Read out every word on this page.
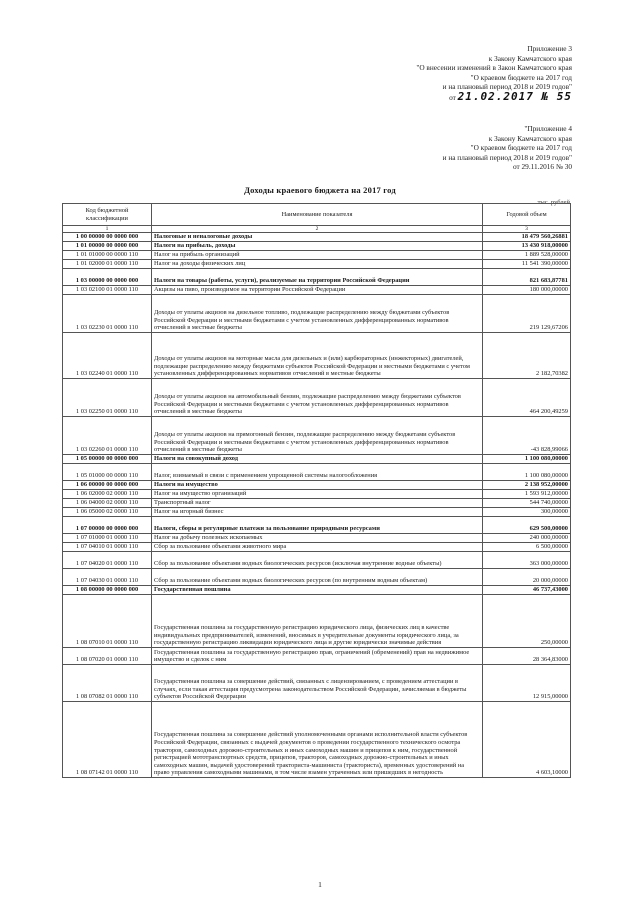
Приложение 3
к Закону Камчатского края
"О внесении изменений в Закон Камчатского края
"О краевом бюджете на 2017 год
и на плановый период 2018 и 2019 годов"
от 21.02.2017 № 55
"Приложение 4
к Закону Камчатского края
"О краевом бюджете на 2017 год
и на плановый период 2018 и 2019 годов"
от 29.11.2016 № 30
Доходы краевого бюджета на 2017 год
тыс. рублей
Код бюджетной классификации	Наименование показателя	Годовой объем
1	2	3
1 00 00000 00 0000 000	Налоговые и неналоговые доходы	18 479 560,26881
1 01 00000 00 0000 000	Налоги на прибыль, доходы	13 430 918,00000
1 01 01000 00 0000 110	Налог на прибыль организаций	1 889 528,00000
1 01 02000 01 0000 110	Налог на доходы физических лиц	11 541 390,00000
1 03 00000 00 0000 000	Налоги на товары (работы, услуги), реализуемые на территории Российской Федерации	821 683,87781
1 03 02100 01 0000 110	Акцизы на пиво, производимое на территории Российской Федерации	180 000,00000
1 03 02230 01 0000 110	Доходы от уплаты акцизов на дизельное топливо, подлежащие распределению между бюджетами субъектов Российской Федерации и местными бюджетами с учетом установленных дифференцированных нормативов отчислений в местные бюджеты	219 129,67206
1 03 02240 01 0000 110	Доходы от уплаты акцизов на моторные масла для дизельных и (или) карбюраторных (инжекторных) двигателей, подлежащие распределению между бюджетами субъектов Российской Федерации и местными бюджетами с учетом установленных дифференцированных нормативов отчислений в местные бюджеты	2 182,70382
1 03 02250 01 0000 110	Доходы от уплаты акцизов на автомобильный бензин, подлежащие распределению между бюджетами субъектов Российской Федерации и местными бюджетами с учетом установленных дифференцированных нормативов отчислений в местные бюджеты	464 200,49259
1 03 02260 01 0000 110	Доходы от уплаты акцизов на прямогонный бензин, подлежащие распределению между бюджетами субъектов Российской Федерации и местными бюджетами с учетом установленных дифференцированных нормативов отчислений в местные бюджеты	-43 828,99066
1 05 00000 00 0000 000	Налоги на совокупный доход	1 100 080,00000
1 05 01000 00 0000 110	Налог, взимаемый в связи с применением упрощенной системы налогообложения	1 100 080,00000
1 06 00000 00 0000 000	Налоги на имущество	2 138 952,00000
1 06 02000 02 0000 110	Налог на имущество организаций	1 593 912,00000
1 06 04000 02 0000 110	Транспортный налог	544 740,00000
1 06 05000 02 0000 110	Налог на игорный бизнес	300,00000
1 07 00000 00 0000 000	Налоги, сборы и регулярные платежи за пользование природными ресурсами	629 500,00000
1 07 01000 01 0000 110	Налог на добычу полезных ископаемых	240 000,00000
1 07 04010 01 0000 110	Сбор за пользование объектами животного мира	6 500,00000
1 07 04020 01 0000 110	Сбор за пользование объектами водных биологических ресурсов (исключая внутренние водные объекты)	363 000,00000
1 07 04030 01 0000 110	Сбор за пользование объектами водных биологических ресурсов (по внутренним водным объектам)	20 000,00000
1 08 00000 00 0000 000	Государственная пошлина	46 737,43000
1 08 07010 01 0000 110	Государственная пошлина за государственную регистрацию юридического лица, физических лиц в качестве индивидуальных предпринимателей, изменений, вносимых в учредительные документы юридического лица, за государственную регистрацию ликвидации юридического лица и другие юридически значимые действия	250,00000
1 08 07020 01 0000 110	Государственная пошлина за государственную регистрацию прав, ограничений (обременений) прав на недвижимое имущество и сделок с ним	28 364,83000
1 08 07082 01 0000 110	Государственная пошлина за совершение действий, связанных с лицензированием, с проведением аттестации в случаях, если такая аттестация предусмотрена законодательством Российской Федерации, зачисляемая в бюджеты субъектов Российской Федерации	12 915,00000
1 08 07142 01 0000 110	Государственная пошлина за совершение действий уполномоченными органами исполнительной власти субъектов Российской Федерации, связанных с выдачей документов о проведении государственного технического осмотра тракторов, самоходных дорожно-строительных и иных самоходных машин и прицепов к ним, государственной регистрацией мототранспортных средств, прицепов, тракторов, самоходных дорожно-строительных и иных самоходных машин, выдачей удостоверений тракториста-машиниста (тракториста), временных удостоверений на право управления самоходными машинами, в том числе взамен утраченных или пришедших в негодность	4 603,10000
1
